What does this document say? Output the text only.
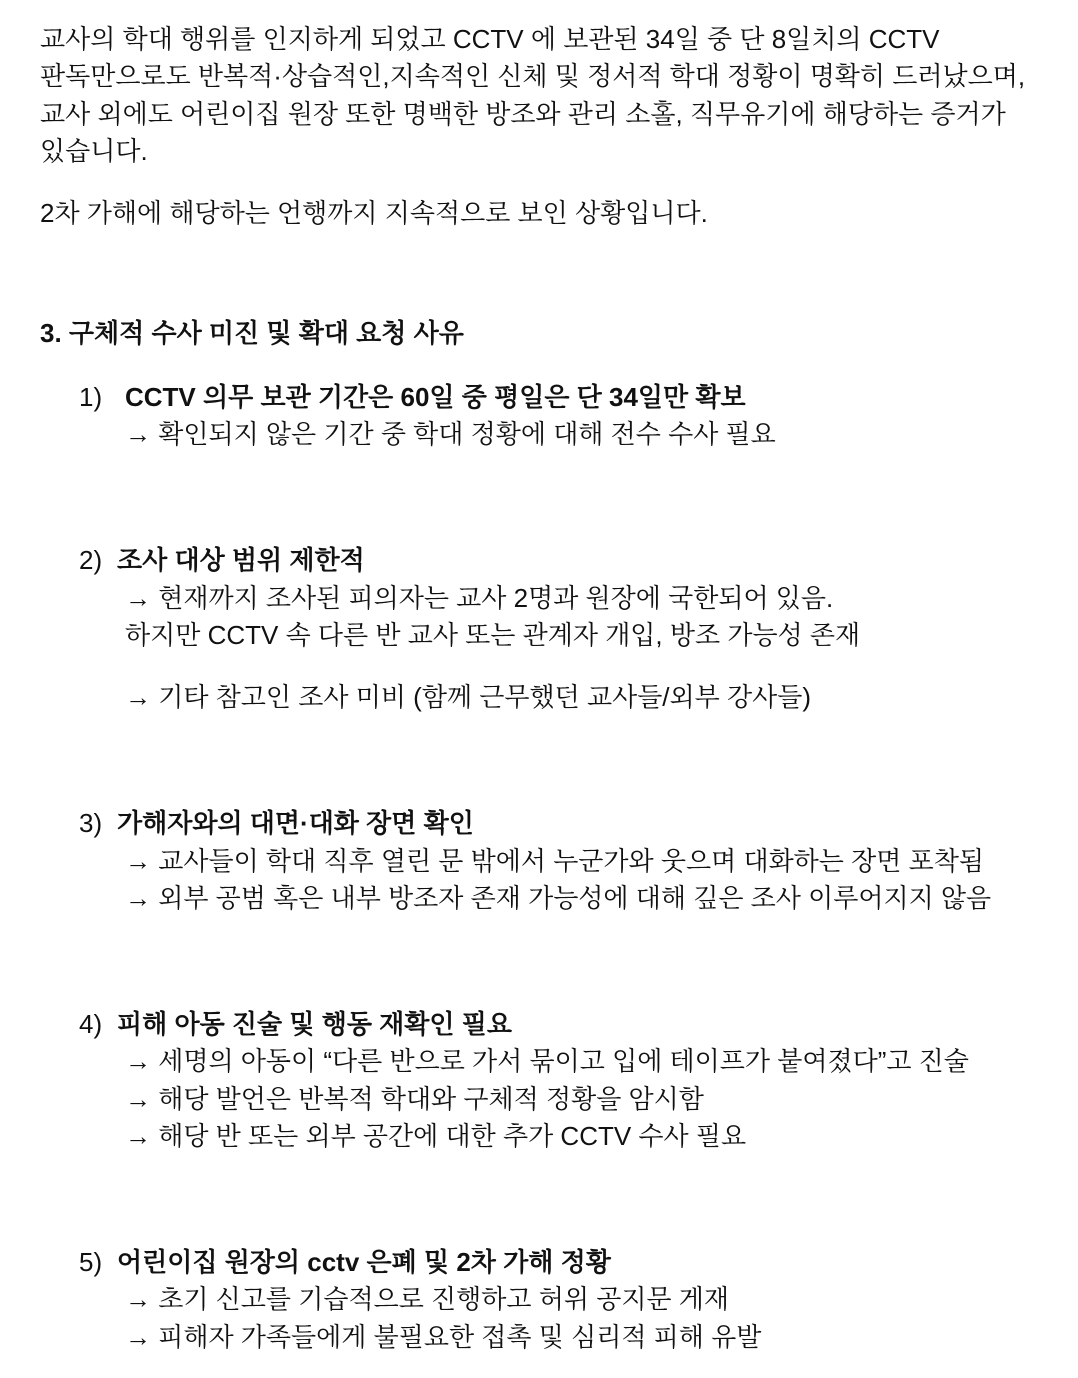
교사의 학대 행위를 인지하게 되었고 CCTV 에 보관된 34일 중 단 8일치의 CCTV
판독만으로도 반복적·상습적인,지속적인 신체 및 정서적 학대 정황이 명확히 드러났으며,
교사 외에도 어린이집 원장 또한 명백한 방조와 관리 소홀, 직무유기에 해당하는 증거가
있습니다.
2차 가해에 해당하는 언행까지 지속적으로 보인 상황입니다.
3. 구체적 수사 미진 및 확대 요청 사유
1) CCTV 의무 보관 기간은 60일 중 평일은 단 34일만 확보
→ 확인되지 않은 기간 중 학대 정황에 대해 전수 수사 필요
2) 조사 대상 범위 제한적
→ 현재까지 조사된 피의자는 교사 2명과 원장에 국한되어 있음.
하지만 CCTV 속 다른 반 교사 또는 관계자 개입, 방조 가능성 존재
→ 기타 참고인 조사 미비 (함께 근무했던 교사들/외부 강사들)
3) 가해자와의 대면·대화 장면 확인
→ 교사들이 학대 직후 열린 문 밖에서 누군가와 웃으며 대화하는 장면 포착됨
→ 외부 공범 혹은 내부 방조자 존재 가능성에 대해 깊은 조사 이루어지지 않음
4) 피해 아동 진술 및 행동 재확인 필요
→ 세명의 아동이 “다른 반으로 가서 묶이고 입에 테이프가 붙여졌다”고 진술
→ 해당 발언은 반복적 학대와 구체적 정황을 암시함
→ 해당 반 또는 외부 공간에 대한 추가 CCTV 수사 필요
5) 어린이집 원장의 cctv 은폐 및 2차 가해 정황
→ 초기 신고를 기습적으로 진행하고 허위 공지문 게재
→ 피해자 가족들에게 불필요한 접촉 및 심리적 피해 유발
